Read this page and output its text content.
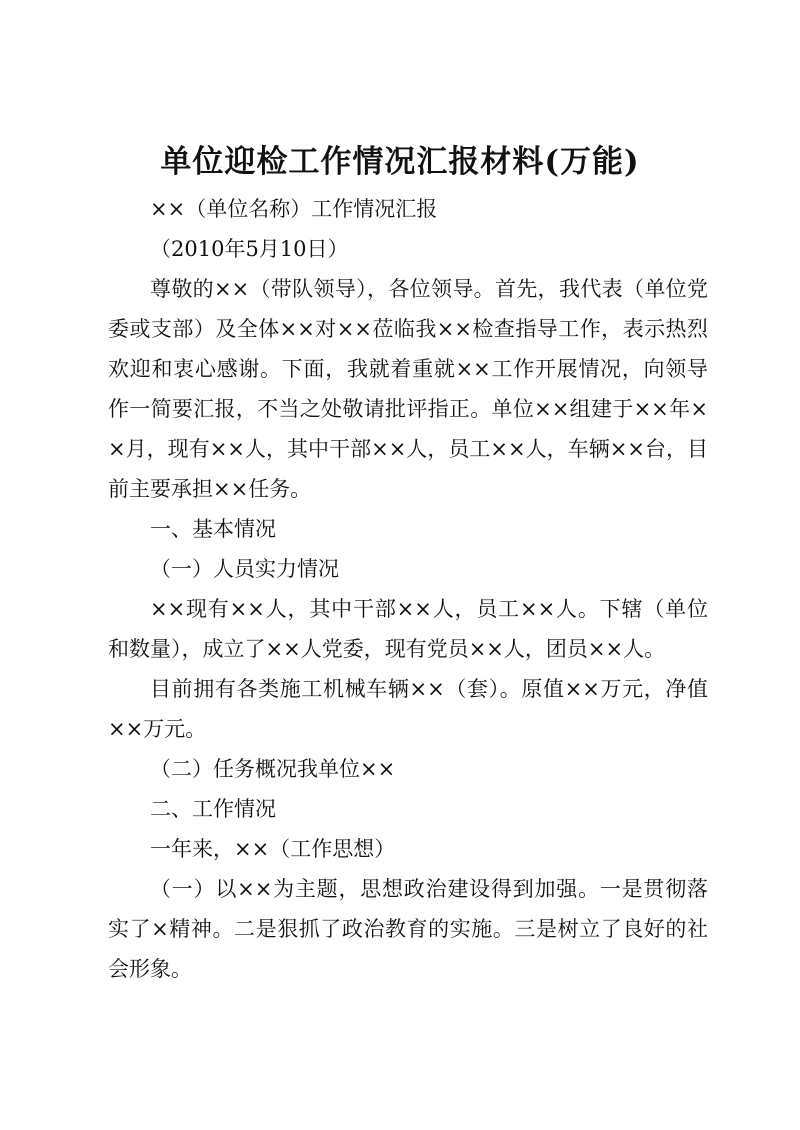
单位迎检工作情况汇报材料(万能)

××（单位名称）工作情况汇报

（2010年5月10日）

尊敬的××（带队领导），各位领导。首先，我代表（单位党委或支部）及全体××对××莅临我××检查指导工作，表示热烈欢迎和衷心感谢。下面，我就着重就××工作开展情况，向领导作一简要汇报，不当之处敬请批评指正。单位××组建于××年××月，现有××人，其中干部××人，员工××人，车辆××台，目前主要承担××任务。

一、基本情况

（一）人员实力情况

××现有××人，其中干部××人，员工××人。下辖（单位和数量），成立了××人党委，现有党员××人，团员××人。

目前拥有各类施工机械车辆××（套）。原值××万元，净值××万元。

（二）任务概况我单位××

二、工作情况

一年来，××（工作思想）

（一）以××为主题，思想政治建设得到加强。一是贯彻落实了×精神。二是狠抓了政治教育的实施。三是树立了良好的社会形象。
